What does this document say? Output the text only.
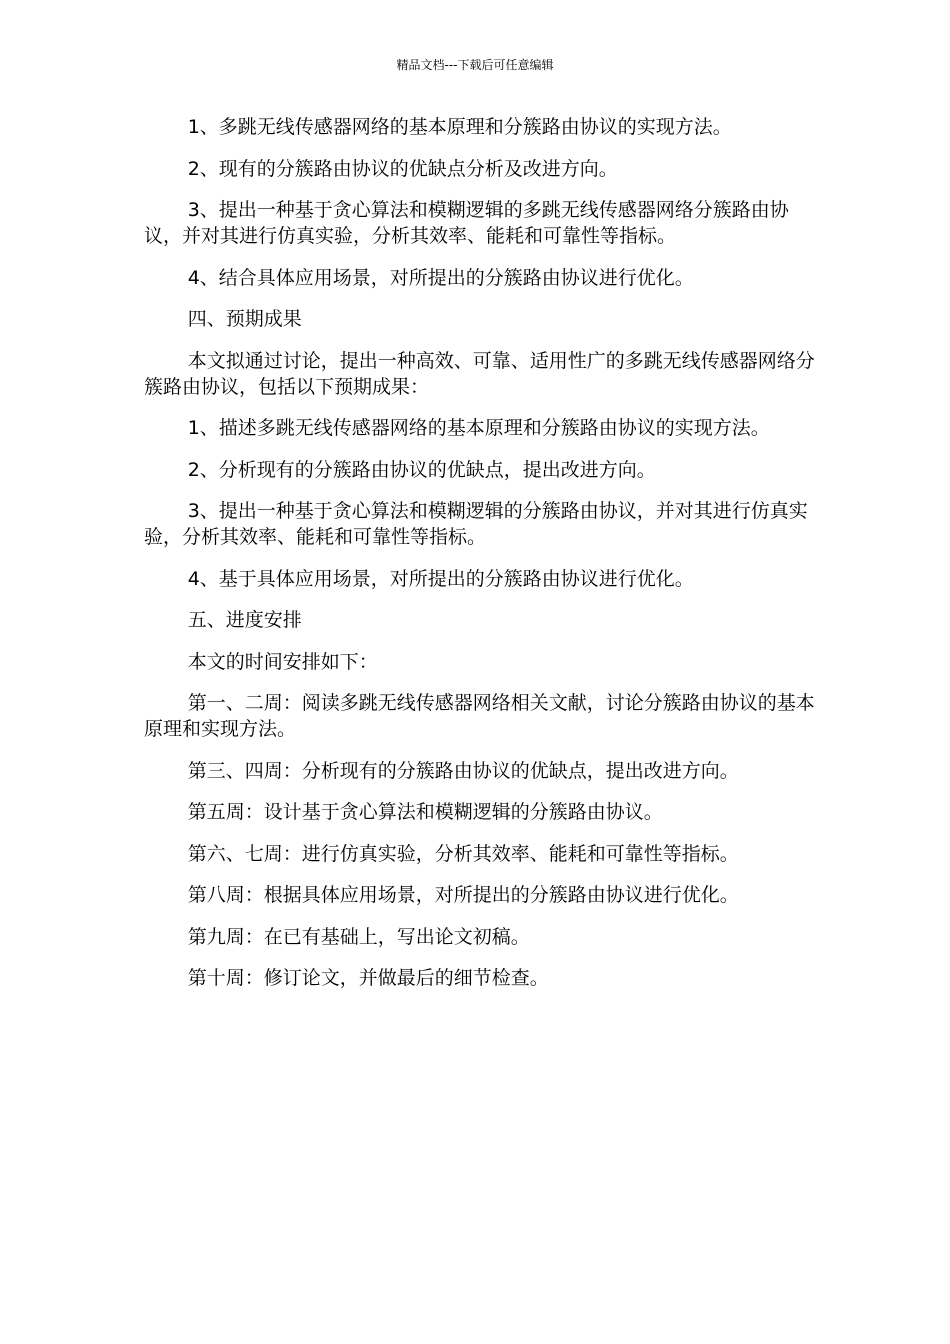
精品文档---下载后可任意编辑

1、多跳无线传感器网络的基本原理和分簇路由协议的实现方法。

2、现有的分簇路由协议的优缺点分析及改进方向。

3、提出一种基于贪心算法和模糊逻辑的多跳无线传感器网络分簇路由协议，并对其进行仿真实验，分析其效率、能耗和可靠性等指标。

4、结合具体应用场景，对所提出的分簇路由协议进行优化。

四、预期成果

本文拟通过讨论，提出一种高效、可靠、适用性广的多跳无线传感器网络分簇路由协议，包括以下预期成果：

1、描述多跳无线传感器网络的基本原理和分簇路由协议的实现方法。

2、分析现有的分簇路由协议的优缺点，提出改进方向。

3、提出一种基于贪心算法和模糊逻辑的分簇路由协议，并对其进行仿真实验，分析其效率、能耗和可靠性等指标。

4、基于具体应用场景，对所提出的分簇路由协议进行优化。

五、进度安排

本文的时间安排如下：

第一、二周：阅读多跳无线传感器网络相关文献，讨论分簇路由协议的基本原理和实现方法。

第三、四周：分析现有的分簇路由协议的优缺点，提出改进方向。

第五周：设计基于贪心算法和模糊逻辑的分簇路由协议。

第六、七周：进行仿真实验，分析其效率、能耗和可靠性等指标。

第八周：根据具体应用场景，对所提出的分簇路由协议进行优化。

第九周：在已有基础上，写出论文初稿。

第十周：修订论文，并做最后的细节检查。
